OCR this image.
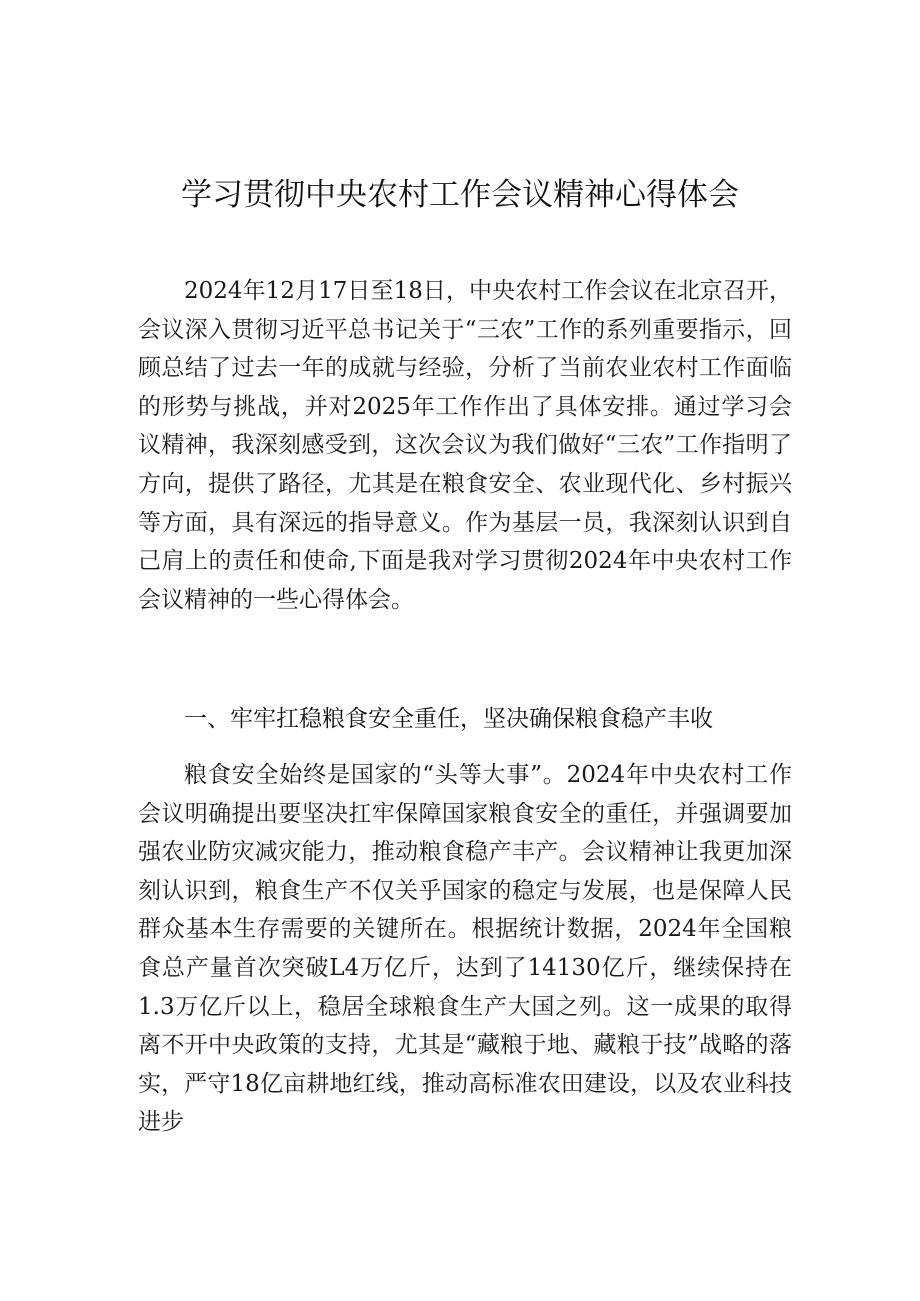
学习贯彻中央农村工作会议精神心得体会

2024年12月17日至18日，中央农村工作会议在北京召开，会议深入贯彻习近平总书记关于“三农”工作的系列重要指示，回顾总结了过去一年的成就与经验，分析了当前农业农村工作面临的形势与挑战，并对2025年工作作出了具体安排。通过学习会议精神，我深刻感受到，这次会议为我们做好“三农”工作指明了方向，提供了路径，尤其是在粮食安全、农业现代化、乡村振兴等方面，具有深远的指导意义。作为基层一员，我深刻认识到自己肩上的责任和使命,下面是我对学习贯彻2024年中央农村工作会议精神的一些心得体会。

一、牢牢扛稳粮食安全重任，坚决确保粮食稳产丰收

粮食安全始终是国家的“头等大事”。2024年中央农村工作会议明确提出要坚决扛牢保障国家粮食安全的重任，并强调要加强农业防灾减灾能力，推动粮食稳产丰产。会议精神让我更加深刻认识到，粮食生产不仅关乎国家的稳定与发展，也是保障人民群众基本生存需要的关键所在。根据统计数据，2024年全国粮食总产量首次突破L4万亿斤，达到了14130亿斤，继续保持在1.3万亿斤以上，稳居全球粮食生产大国之列。这一成果的取得离不开中央政策的支持，尤其是“藏粮于地、藏粮于技”战略的落实，严守18亿亩耕地红线，推动高标准农田建设，以及农业科技进步
